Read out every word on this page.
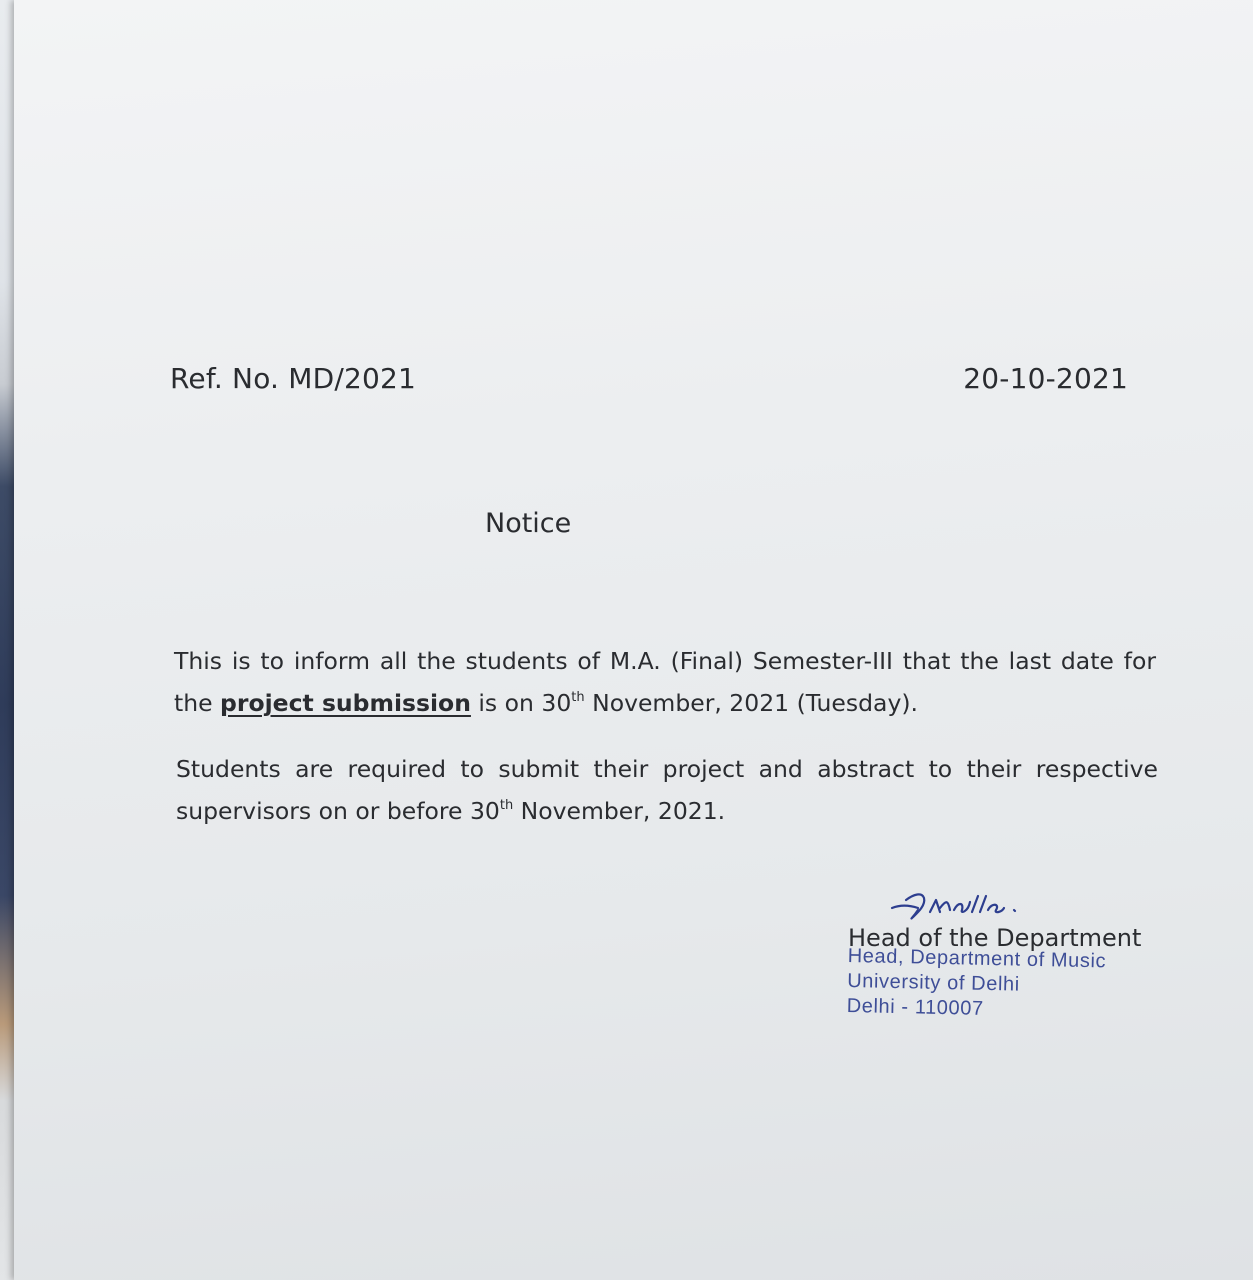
Ref. No. MD/2021	20-10-2021
Notice

This is to inform all the students of M.A. (Final) Semester-III that the last date for the project submission is on 30th November, 2021 (Tuesday).

Students are required to submit their project and abstract to their respective supervisors on or before 30th November, 2021.

Head of the Department
Head, Department of Music
University of Delhi
Delhi - 110007
